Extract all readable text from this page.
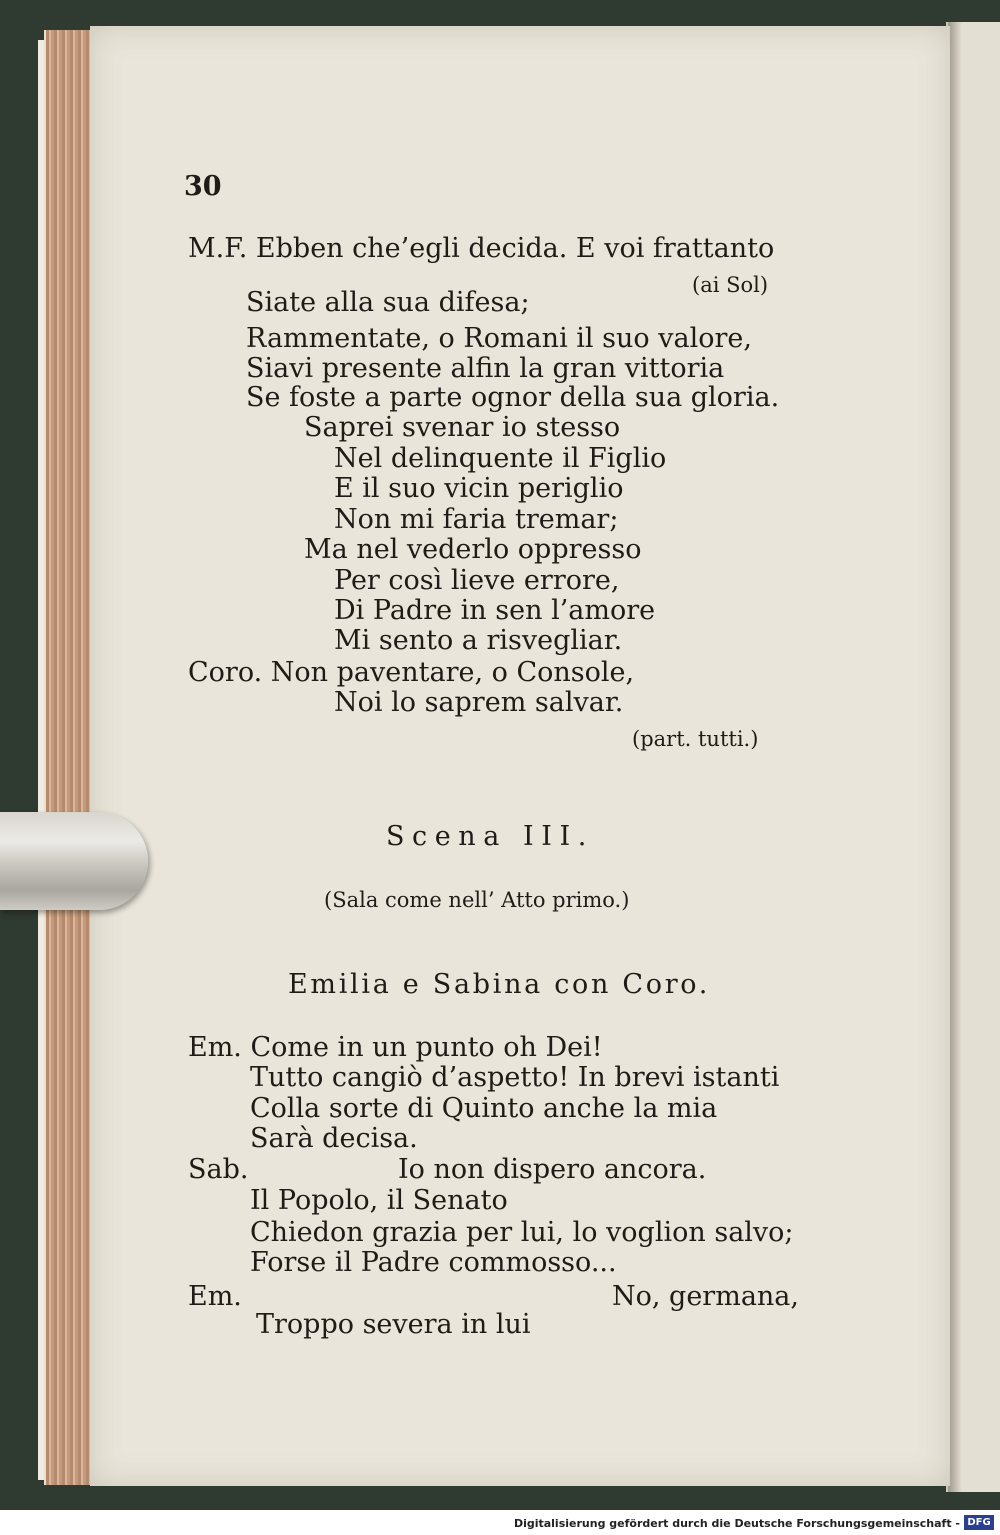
30
M.F. Ebben che’egli decida. E voi frattanto
(ai Sol)
Siate alla sua difesa;
Rammentate, o Romani il suo valore,
Siavi presente alfin la gran vittoria
Se foste a parte ognor della sua gloria.
Saprei svenar io stesso
Nel delinquente il Figlio
E il suo vicin periglio
Non mi faria tremar;
Ma nel vederlo oppresso
Per così lieve errore,
Di Padre in sen l’amore
Mi sento a risvegliar.
Coro. Non paventare, o Console,
Noi lo saprem salvar.
(part. tutti.)
Scena III.
(Sala come nell’ Atto primo.)
Emilia e Sabina con Coro.
Em. Come in un punto oh Dei!
Tutto cangiò d’aspetto! In brevi istanti
Colla sorte di Quinto anche la mia
Sarà decisa.
Sab.	Io non dispero ancora.
Il Popolo, il Senato
Chiedon grazia per lui, lo voglion salvo;
Forse il Padre commosso...
Em.	No, germana,
Troppo severa in lui
Digitalisierung gefördert durch die Deutsche Forschungsgemeinschaft - DFG
